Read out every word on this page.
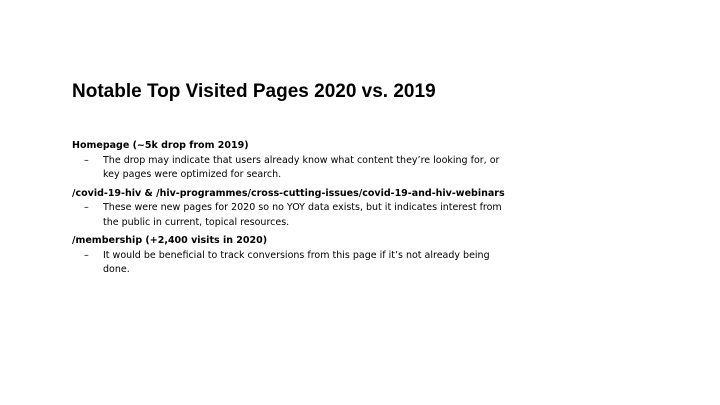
Notable Top Visited Pages 2020 vs. 2019
Homepage (~5k drop from 2019)
– The drop may indicate that users already know what content they’re looking for, or key pages were optimized for search.
/covid-19-hiv & /hiv-programmes/cross-cutting-issues/covid-19-and-hiv-webinars
– These were new pages for 2020 so no YOY data exists, but it indicates interest from the public in current, topical resources.
/membership (+2,400 visits in 2020)
– It would be beneficial to track conversions from this page if it’s not already being done.
